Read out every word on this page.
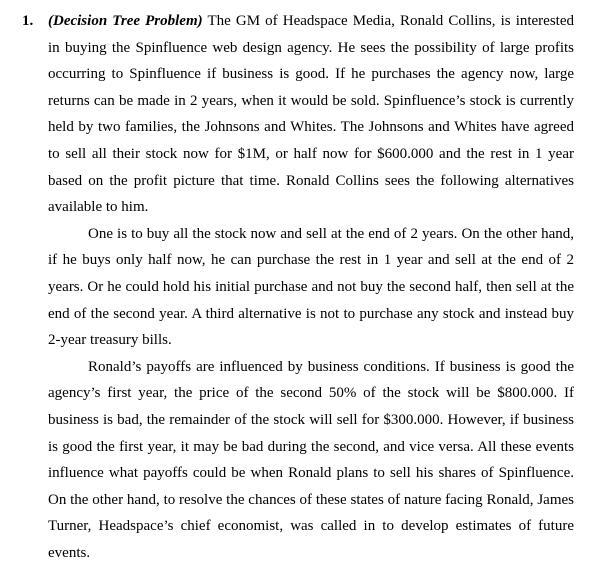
1. (Decision Tree Problem) The GM of Headspace Media, Ronald Collins, is interested in buying the Spinfluence web design agency. He sees the possibility of large profits occurring to Spinfluence if business is good. If he purchases the agency now, large returns can be made in 2 years, when it would be sold. Spinfluence’s stock is currently held by two families, the Johnsons and Whites. The Johnsons and Whites have agreed to sell all their stock now for $1M, or half now for $600.000 and the rest in 1 year based on the profit picture that time. Ronald Collins sees the following alternatives available to him.

One is to buy all the stock now and sell at the end of 2 years. On the other hand, if he buys only half now, he can purchase the rest in 1 year and sell at the end of 2 years. Or he could hold his initial purchase and not buy the second half, then sell at the end of the second year. A third alternative is not to purchase any stock and instead buy 2-year treasury bills.

Ronald’s payoffs are influenced by business conditions. If business is good the agency’s first year, the price of the second 50% of the stock will be $800.000. If business is bad, the remainder of the stock will sell for $300.000. However, if business is good the first year, it may be bad during the second, and vice versa. All these events influence what payoffs could be when Ronald plans to sell his shares of Spinfluence. On the other hand, to resolve the chances of these states of nature facing Ronald, James Turner, Headspace’s chief economist, was called in to develop estimates of future events.
